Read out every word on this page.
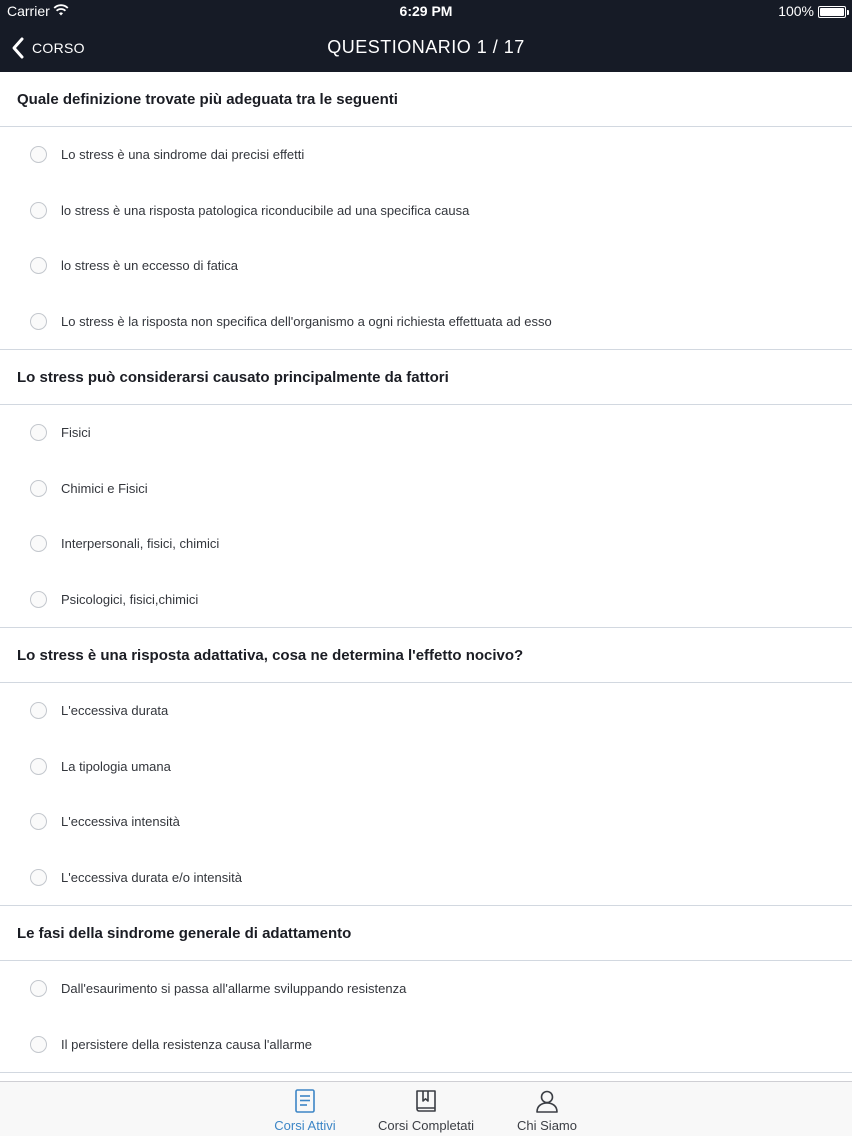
Carrier	6:29 PM	100%
CORSO	QUESTIONARIO 1 / 17
Quale definizione trovate più adeguata tra le seguenti
Lo stress è una sindrome dai precisi effetti
lo stress è una risposta patologica riconducibile ad una specifica causa
lo stress è un eccesso di fatica
Lo stress è la risposta non specifica dell'organismo a ogni richiesta effettuata ad esso
Lo stress può considerarsi causato principalmente da fattori
Fisici
Chimici e Fisici
Interpersonali, fisici, chimici
Psicologici, fisici,chimici
Lo stress è una risposta adattativa, cosa ne determina l'effetto nocivo?
L'eccessiva durata
La tipologia umana
L'eccessiva intensità
L'eccessiva durata e/o intensità
Le fasi della sindrome generale di adattamento
Dall'esaurimento si passa all'allarme sviluppando resistenza
Il persistere della resistenza causa l'allarme
Corsi Attivi	Corsi Completati	Chi Siamo
